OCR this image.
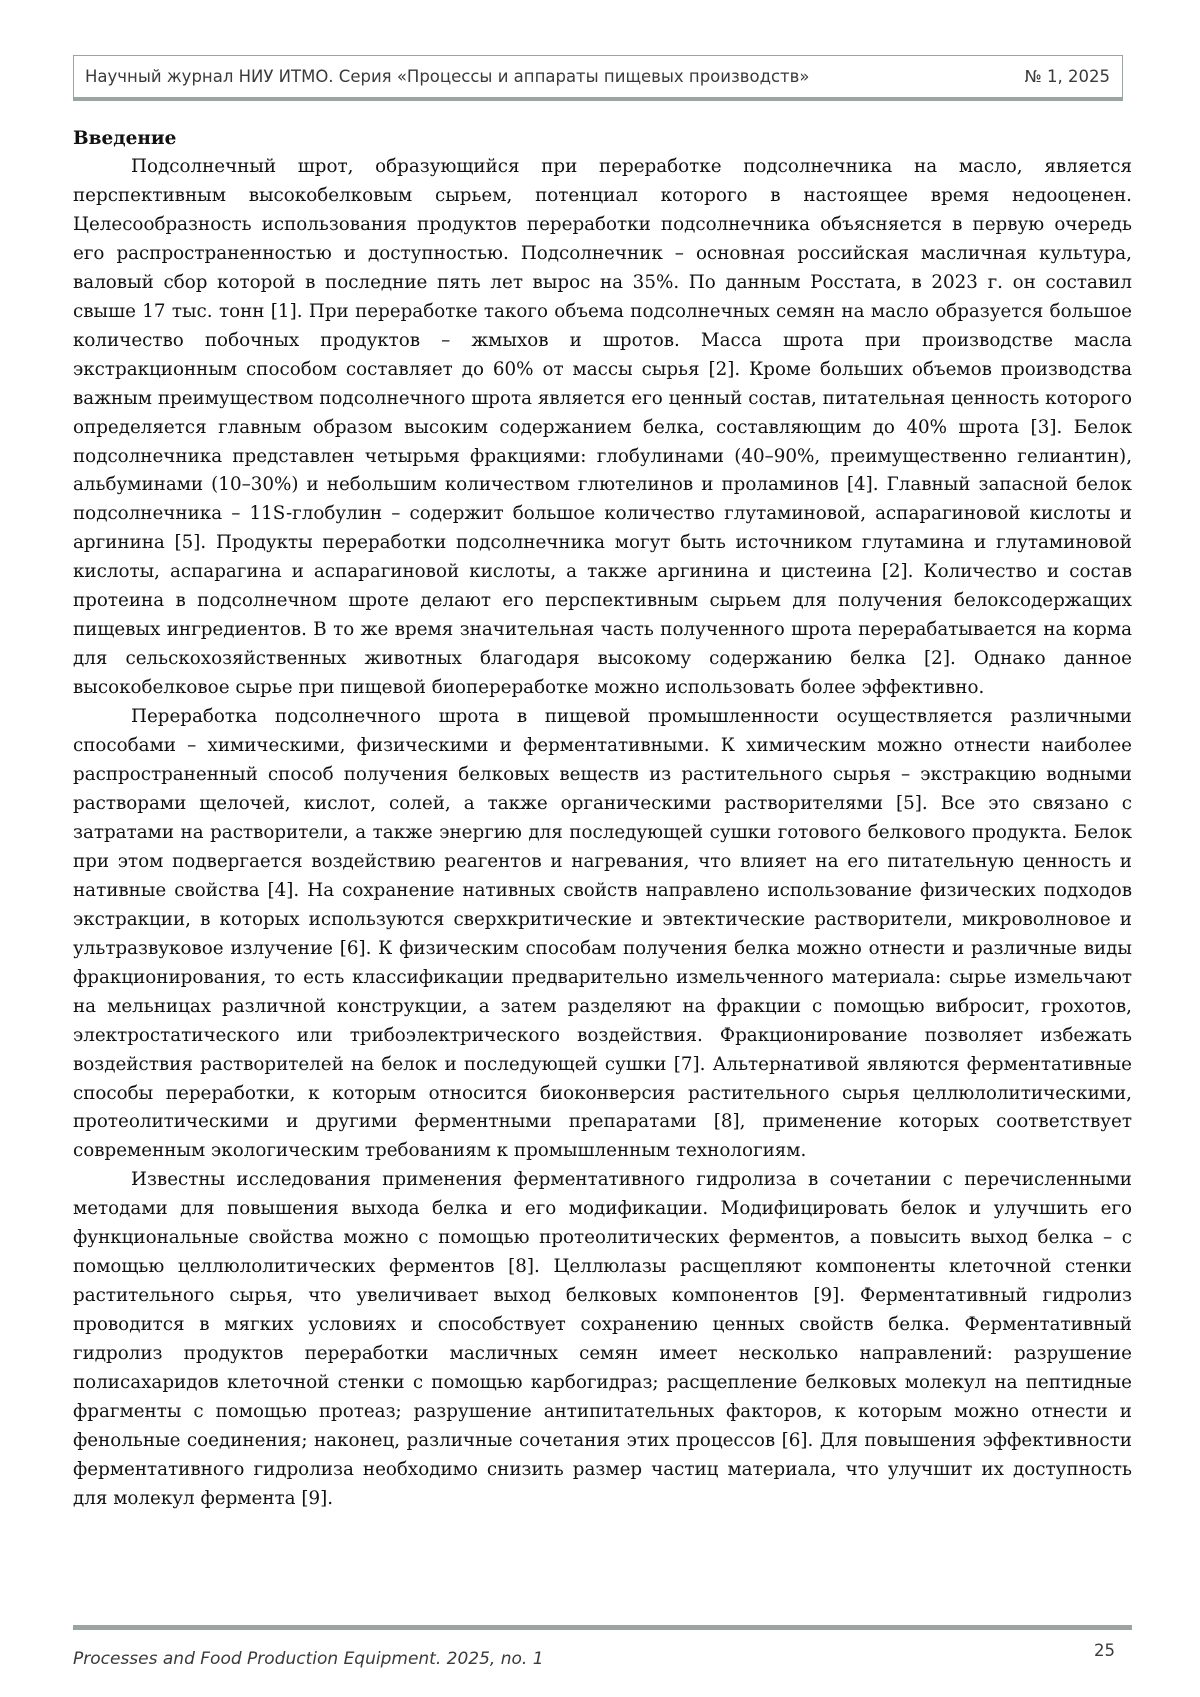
Научный журнал НИУ ИТМО. Серия «Процессы и аппараты пищевых производств»	№ 1, 2025
Введение

Подсолнечный шрот, образующийся при переработке подсолнечника на масло, является перспективным высокобелковым сырьем, потенциал которого в настоящее время недооценен. Целесообразность использования продуктов переработки подсолнечника объясняется в первую очередь его распространенностью и доступностью. Подсолнечник – основная российская масличная культура, валовый сбор которой в последние пять лет вырос на 35%. По данным Росстата, в 2023 г. он составил свыше 17 тыс. тонн [1]. При переработке такого объема подсолнечных семян на масло образуется большое количество побочных продуктов – жмыхов и шротов. Масса шрота при производстве масла экстракционным способом составляет до 60% от массы сырья [2]. Кроме больших объемов производства важным преимуществом подсолнечного шрота является его ценный состав, питательная ценность которого определяется главным образом высоким содержанием белка, составляющим до 40% шрота [3]. Белок подсолнечника представлен четырьмя фракциями: глобулинами (40–90%, преимущественно гелиантин), альбуминами (10–30%) и небольшим количеством глютелинов и проламинов [4]. Главный запасной белок подсолнечника – 11S-глобулин – содержит большое количество глутаминовой, аспарагиновой кислоты и аргинина [5]. Продукты переработки подсолнечника могут быть источником глутамина и глутаминовой кислоты, аспарагина и аспарагиновой кислоты, а также аргинина и цистеина [2]. Количество и состав протеина в подсолнечном шроте делают его перспективным сырьем для получения белоксодержащих пищевых ингредиентов. В то же время значительная часть полученного шрота перерабатывается на корма для сельскохозяйственных животных благодаря высокому содержанию белка [2]. Однако данное высокобелковое сырье при пищевой биопереработке можно использовать более эффективно.

Переработка подсолнечного шрота в пищевой промышленности осуществляется различными способами – химическими, физическими и ферментативными. К химическим можно отнести наиболее распространенный способ получения белковых веществ из растительного сырья – экстракцию водными растворами щелочей, кислот, солей, а также органическими растворителями [5]. Все это связано с затратами на растворители, а также энергию для последующей сушки готового белкового продукта. Белок при этом подвергается воздействию реагентов и нагревания, что влияет на его питательную ценность и нативные свойства [4]. На сохранение нативных свойств направлено использование физических подходов экстракции, в которых используются сверхкритические и эвтектические растворители, микроволновое и ультразвуковое излучение [6]. К физическим способам получения белка можно отнести и различные виды фракционирования, то есть классификации предварительно измельченного материала: сырье измельчают на мельницах различной конструкции, а затем разделяют на фракции с помощью вибросит, грохотов, электростатического или трибоэлектрического воздействия. Фракционирование позволяет избежать воздействия растворителей на белок и последующей сушки [7]. Альтернативой являются ферментативные способы переработки, к которым относится биоконверсия растительного сырья целлюлолитическими, протеолитическими и другими ферментными препаратами [8], применение которых соответствует современным экологическим требованиям к промышленным технологиям.

Известны исследования применения ферментативного гидролиза в сочетании с перечисленными методами для повышения выхода белка и его модификации. Модифицировать белок и улучшить его функциональные свойства можно с помощью протеолитических ферментов, а повысить выход белка – с помощью целлюлолитических ферментов [8]. Целлюлазы расщепляют компоненты клеточной стенки растительного сырья, что увеличивает выход белковых компонентов [9]. Ферментативный гидролиз проводится в мягких условиях и способствует сохранению ценных свойств белка. Ферментативный гидролиз продуктов переработки масличных семян имеет несколько направлений: разрушение полисахаридов клеточной стенки с помощью карбогидраз; расщепление белковых молекул на пептидные фрагменты с помощью протеаз; разрушение антипитательных факторов, к которым можно отнести и фенольные соединения; наконец, различные сочетания этих процессов [6]. Для повышения эффективности ферментативного гидролиза необходимо снизить размер частиц материала, что улучшит их доступность для молекул фермента [9].

Processes and Food Production Equipment. 2025, no. 1	25
